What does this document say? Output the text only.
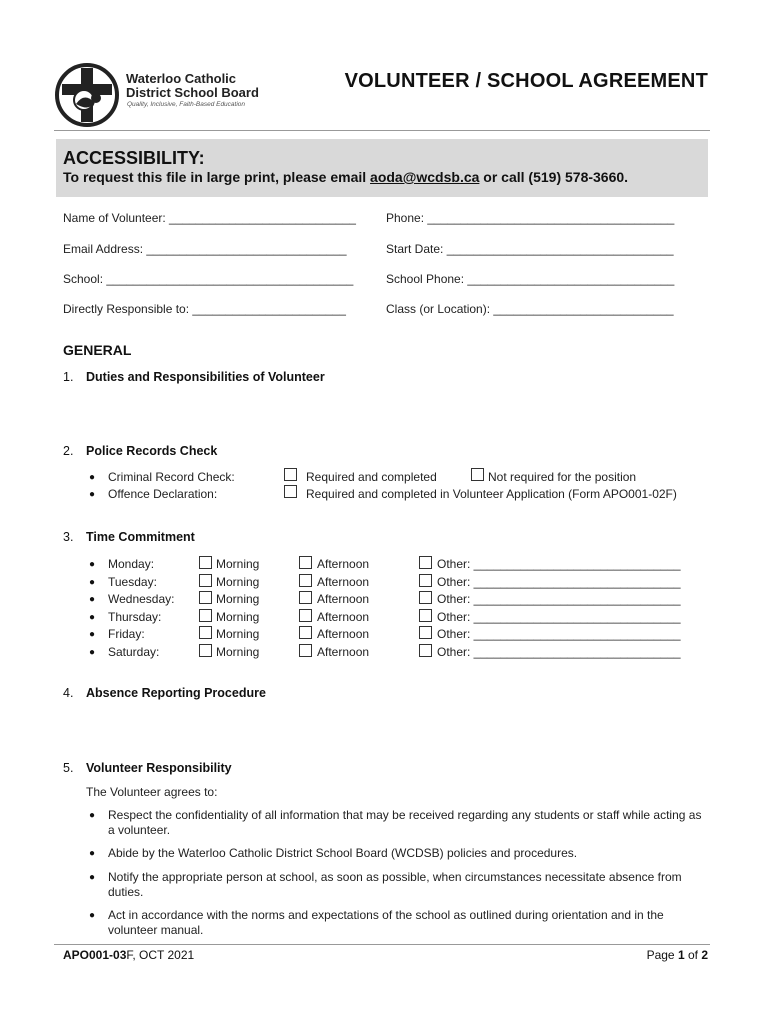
Waterloo Catholic
District School Board
Quality, Inclusive, Faith-Based Education
VOLUNTEER / SCHOOL AGREEMENT
ACCESSIBILITY:
To request this file in large print, please email aoda@wcdsb.ca or call (519) 578-3660.
Name of Volunteer: ____________________________	Phone: _____________________________________
Email Address: ______________________________	Start Date: __________________________________
School: _____________________________________	School Phone: _______________________________
Directly Responsible to: _______________________	Class (or Location): ___________________________
GENERAL
1. Duties and Responsibilities of Volunteer
2. Police Records Check
● Criminal Record Check:	Required and completed	Not required for the position
● Offence Declaration:	Required and completed in Volunteer Application (Form APO001-02F)
3. Time Commitment
● Monday:	Morning	Afternoon	Other: _______________________________
● Tuesday:	Morning	Afternoon	Other: _______________________________
● Wednesday:	Morning	Afternoon	Other: _______________________________
● Thursday:	Morning	Afternoon	Other: _______________________________
● Friday:	Morning	Afternoon	Other: _______________________________
● Saturday:	Morning	Afternoon	Other: _______________________________
4. Absence Reporting Procedure
5. Volunteer Responsibility
The Volunteer agrees to:
● Respect the confidentiality of all information that may be received regarding any students or staff while acting as a volunteer.
● Abide by the Waterloo Catholic District School Board (WCDSB) policies and procedures.
● Notify the appropriate person at school, as soon as possible, when circumstances necessitate absence from duties.
● Act in accordance with the norms and expectations of the school as outlined during orientation and in the volunteer manual.
APO001-03F, OCT 2021	Page 1 of 2
